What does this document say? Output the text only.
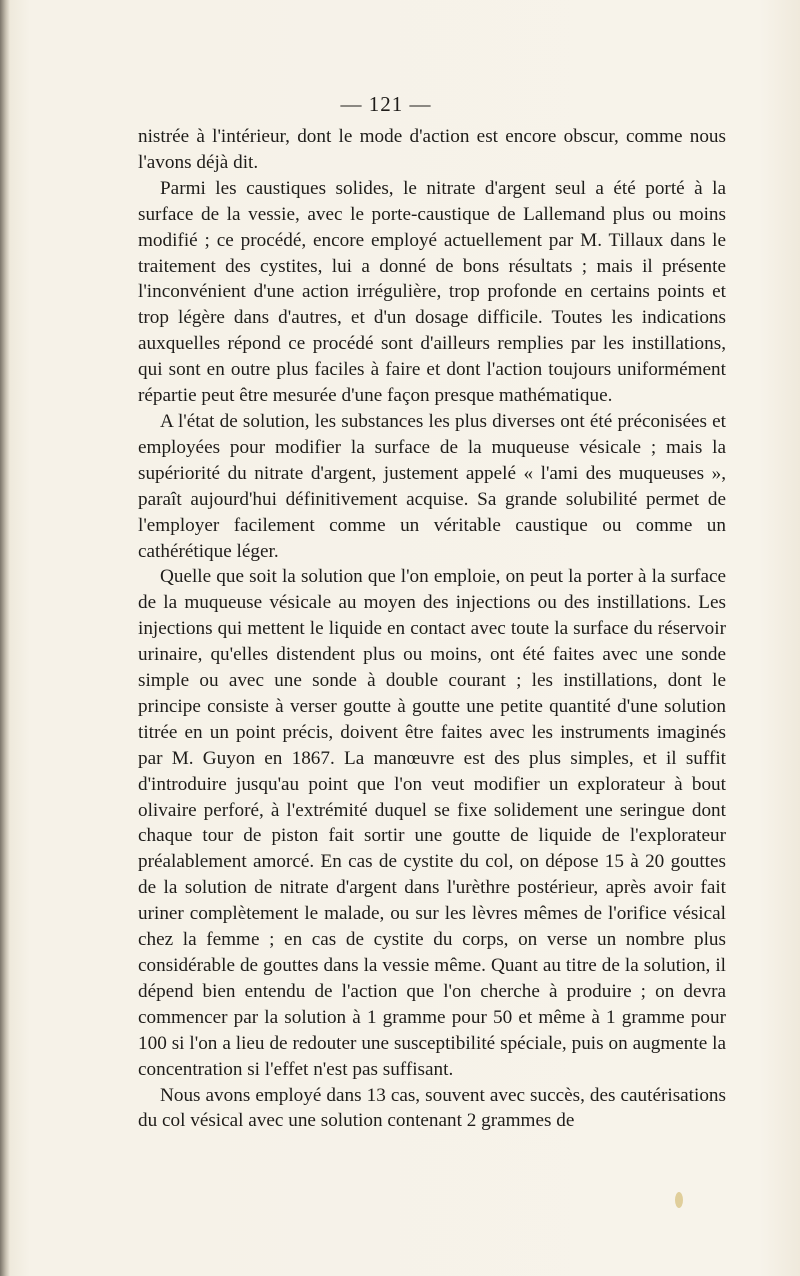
— 121 —

nistrée à l'intérieur, dont le mode d'action est encore obscur, comme nous l'avons déjà dit.

Parmi les caustiques solides, le nitrate d'argent seul a été porté à la surface de la vessie, avec le porte-caustique de Lallemand plus ou moins modifié ; ce procédé, encore employé actuellement par M. Tillaux dans le traitement des cystites, lui a donné de bons résultats ; mais il présente l'inconvénient d'une action irrégulière, trop profonde en certains points et trop légère dans d'autres, et d'un dosage difficile. Toutes les indications auxquelles répond ce procédé sont d'ailleurs remplies par les instillations, qui sont en outre plus faciles à faire et dont l'action toujours uniformément répartie peut être mesurée d'une façon presque mathématique.

A l'état de solution, les substances les plus diverses ont été préconisées et employées pour modifier la surface de la muqueuse vésicale ; mais la supériorité du nitrate d'argent, justement appelé « l'ami des muqueuses », paraît aujourd'hui définitivement acquise. Sa grande solubilité permet de l'employer facilement comme un véritable caustique ou comme un cathérétique léger.

Quelle que soit la solution que l'on emploie, on peut la porter à la surface de la muqueuse vésicale au moyen des injections ou des instillations. Les injections qui mettent le liquide en contact avec toute la surface du réservoir urinaire, qu'elles distendent plus ou moins, ont été faites avec une sonde simple ou avec une sonde à double courant ; les instillations, dont le principe consiste à verser goutte à goutte une petite quantité d'une solution titrée en un point précis, doivent être faites avec les instruments imaginés par M. Guyon en 1867. La manœuvre est des plus simples, et il suffit d'introduire jusqu'au point que l'on veut modifier un explorateur à bout olivaire perforé, à l'extrémité duquel se fixe solidement une seringue dont chaque tour de piston fait sortir une goutte de liquide de l'explorateur préalablement amorcé. En cas de cystite du col, on dépose 15 à 20 gouttes de la solution de nitrate d'argent dans l'urèthre postérieur, après avoir fait uriner complètement le malade, ou sur les lèvres mêmes de l'orifice vésical chez la femme ; en cas de cystite du corps, on verse un nombre plus considérable de gouttes dans la vessie même. Quant au titre de la solution, il dépend bien entendu de l'action que l'on cherche à produire ; on devra commencer par la solution à 1 gramme pour 50 et même à 1 gramme pour 100 si l'on a lieu de redouter une susceptibilité spéciale, puis on augmente la concentration si l'effet n'est pas suffisant.

Nous avons employé dans 13 cas, souvent avec succès, des cautérisations du col vésical avec une solution contenant 2 grammes de
